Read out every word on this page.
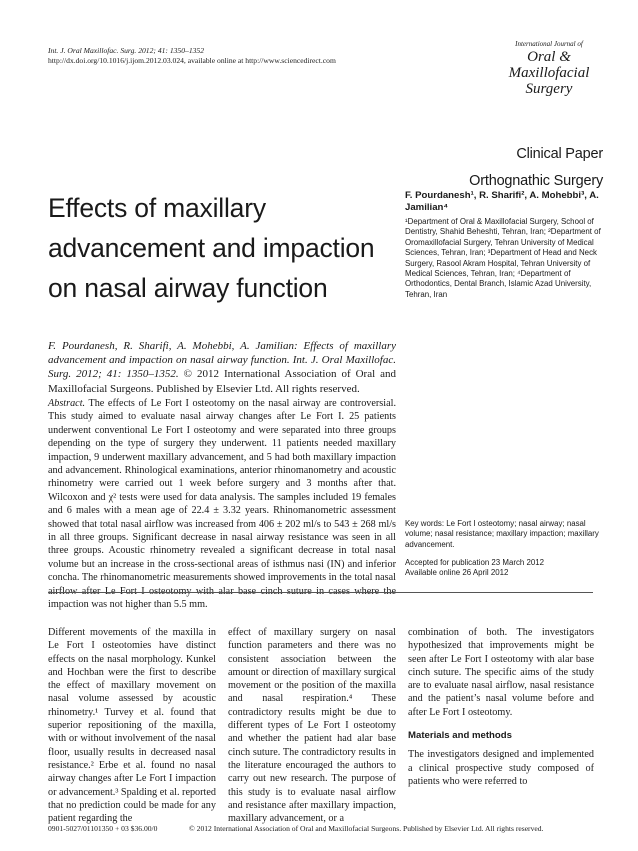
Int. J. Oral Maxillofac. Surg. 2012; 41: 1350–1352
http://dx.doi.org/10.1016/j.ijom.2012.03.024, available online at http://www.sciencedirect.com
International Journal of
Oral &
Maxillofacial
Surgery
Clinical Paper
Orthognathic Surgery
Effects of maxillary advancement and impaction on nasal airway function
F. Pourdanesh, R. Sharifi, A. Mohebbi, A. Jamilian: Effects of maxillary advancement and impaction on nasal airway function. Int. J. Oral Maxillofac. Surg. 2012; 41: 1350–1352. © 2012 International Association of Oral and Maxillofacial Surgeons. Published by Elsevier Ltd. All rights reserved.
Abstract. The effects of Le Fort I osteotomy on the nasal airway are controversial. This study aimed to evaluate nasal airway changes after Le Fort I. 25 patients underwent conventional Le Fort I osteotomy and were separated into three groups depending on the type of surgery they underwent. 11 patients needed maxillary impaction, 9 underwent maxillary advancement, and 5 had both maxillary impaction and advancement. Rhinological examinations, anterior rhinomanometry and acoustic rhinometry were carried out 1 week before surgery and 3 months after that. Wilcoxon and χ² tests were used for data analysis. The samples included 19 females and 6 males with a mean age of 22.4 ± 3.32 years. Rhinomanometric assessment showed that total nasal airflow was increased from 406 ± 202 ml/s to 543 ± 268 ml/s in all three groups. Significant decrease in nasal airway resistance was seen in all three groups. Acoustic rhinometry revealed a significant decrease in total nasal volume but an increase in the cross-sectional areas of isthmus nasi (IN) and inferior concha. The rhinomanometric measurements showed improvements in the total nasal airflow after Le Fort I osteotomy with alar base cinch suture in cases where the impaction was not higher than 5.5 mm.
F. Pourdanesh¹, R. Sharifi², A. Mohebbi³, A. Jamilian⁴
¹Department of Oral & Maxillofacial Surgery, School of Dentistry, Shahid Beheshti, Tehran, Iran; ²Department of Oromaxillofacial Surgery, Tehran University of Medical Sciences, Tehran, Iran; ³Department of Head and Neck Surgery, Rasool Akram Hospital, Tehran University of Medical Sciences, Tehran, Iran; ⁴Department of Orthodontics, Dental Branch, Islamic Azad University, Tehran, Iran
Key words: Le Fort I osteotomy; nasal airway; nasal volume; nasal resistance; maxillary impaction; maxillary advancement.
Accepted for publication 23 March 2012
Available online 26 April 2012

Different movements of the maxilla in Le Fort I osteotomies have distinct effects on the nasal morphology. Kunkel and Hochban were the first to describe the effect of maxillary movement on nasal volume assessed by acoustic rhinometry.¹ Turvey et al. found that superior repositioning of the maxilla, with or without involvement of the nasal floor, usually results in decreased nasal resistance.² Erbe et al. found no nasal airway changes after Le Fort I impaction or advancement.³ Spalding et al. reported that no prediction could be made for any patient regarding the

effect of maxillary surgery on nasal function parameters and there was no consistent association between the amount or direction of maxillary surgical movement or the position of the maxilla and nasal respiration.⁴ These contradictory results might be due to different types of Le Fort I osteotomy and whether the patient had alar base cinch suture. The contradictory results in the literature encouraged the authors to carry out new research. The purpose of this study is to evaluate nasal airflow and resistance after maxillary impaction, maxillary advancement, or a

combination of both. The investigators hypothesized that improvements might be seen after Le Fort I osteotomy with alar base cinch suture. The specific aims of the study are to evaluate nasal airflow, nasal resistance and the patient’s nasal volume before and after Le Fort I osteotomy.

Materials and methods

The investigators designed and implemented a clinical prospective study composed of patients who were referred to

0901-5027/01101350 + 03 $36.00/0	© 2012 International Association of Oral and Maxillofacial Surgeons. Published by Elsevier Ltd. All rights reserved.
